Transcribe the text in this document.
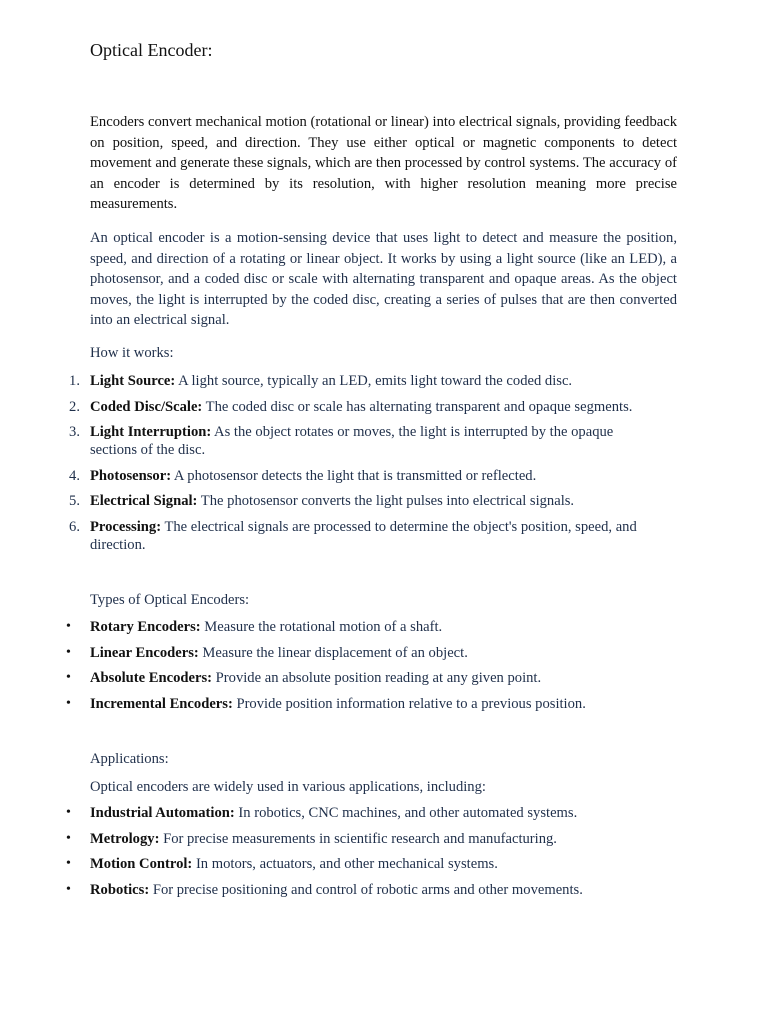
Optical Encoder:

Encoders convert mechanical motion (rotational or linear) into electrical signals, providing feedback on position, speed, and direction. They use either optical or magnetic components to detect movement and generate these signals, which are then processed by control systems. The accuracy of an encoder is determined by its resolution, with higher resolution meaning more precise measurements.

An optical encoder is a motion-sensing device that uses light to detect and measure the position, speed, and direction of a rotating or linear object. It works by using a light source (like an LED), a photosensor, and a coded disc or scale with alternating transparent and opaque areas. As the object moves, the light is interrupted by the coded disc, creating a series of pulses that are then converted into an electrical signal.

How it works:

1. Light Source: A light source, typically an LED, emits light toward the coded disc.
2. Coded Disc/Scale: The coded disc or scale has alternating transparent and opaque segments.
3. Light Interruption: As the object rotates or moves, the light is interrupted by the opaque sections of the disc.
4. Photosensor: A photosensor detects the light that is transmitted or reflected.
5. Electrical Signal: The photosensor converts the light pulses into electrical signals.
6. Processing: The electrical signals are processed to determine the object's position, speed, and direction.

Types of Optical Encoders:

• Rotary Encoders: Measure the rotational motion of a shaft.
• Linear Encoders: Measure the linear displacement of an object.
• Absolute Encoders: Provide an absolute position reading at any given point.
• Incremental Encoders: Provide position information relative to a previous position.

Applications:

Optical encoders are widely used in various applications, including:

• Industrial Automation: In robotics, CNC machines, and other automated systems.
• Metrology: For precise measurements in scientific research and manufacturing.
• Motion Control: In motors, actuators, and other mechanical systems.
• Robotics: For precise positioning and control of robotic arms and other movements.
